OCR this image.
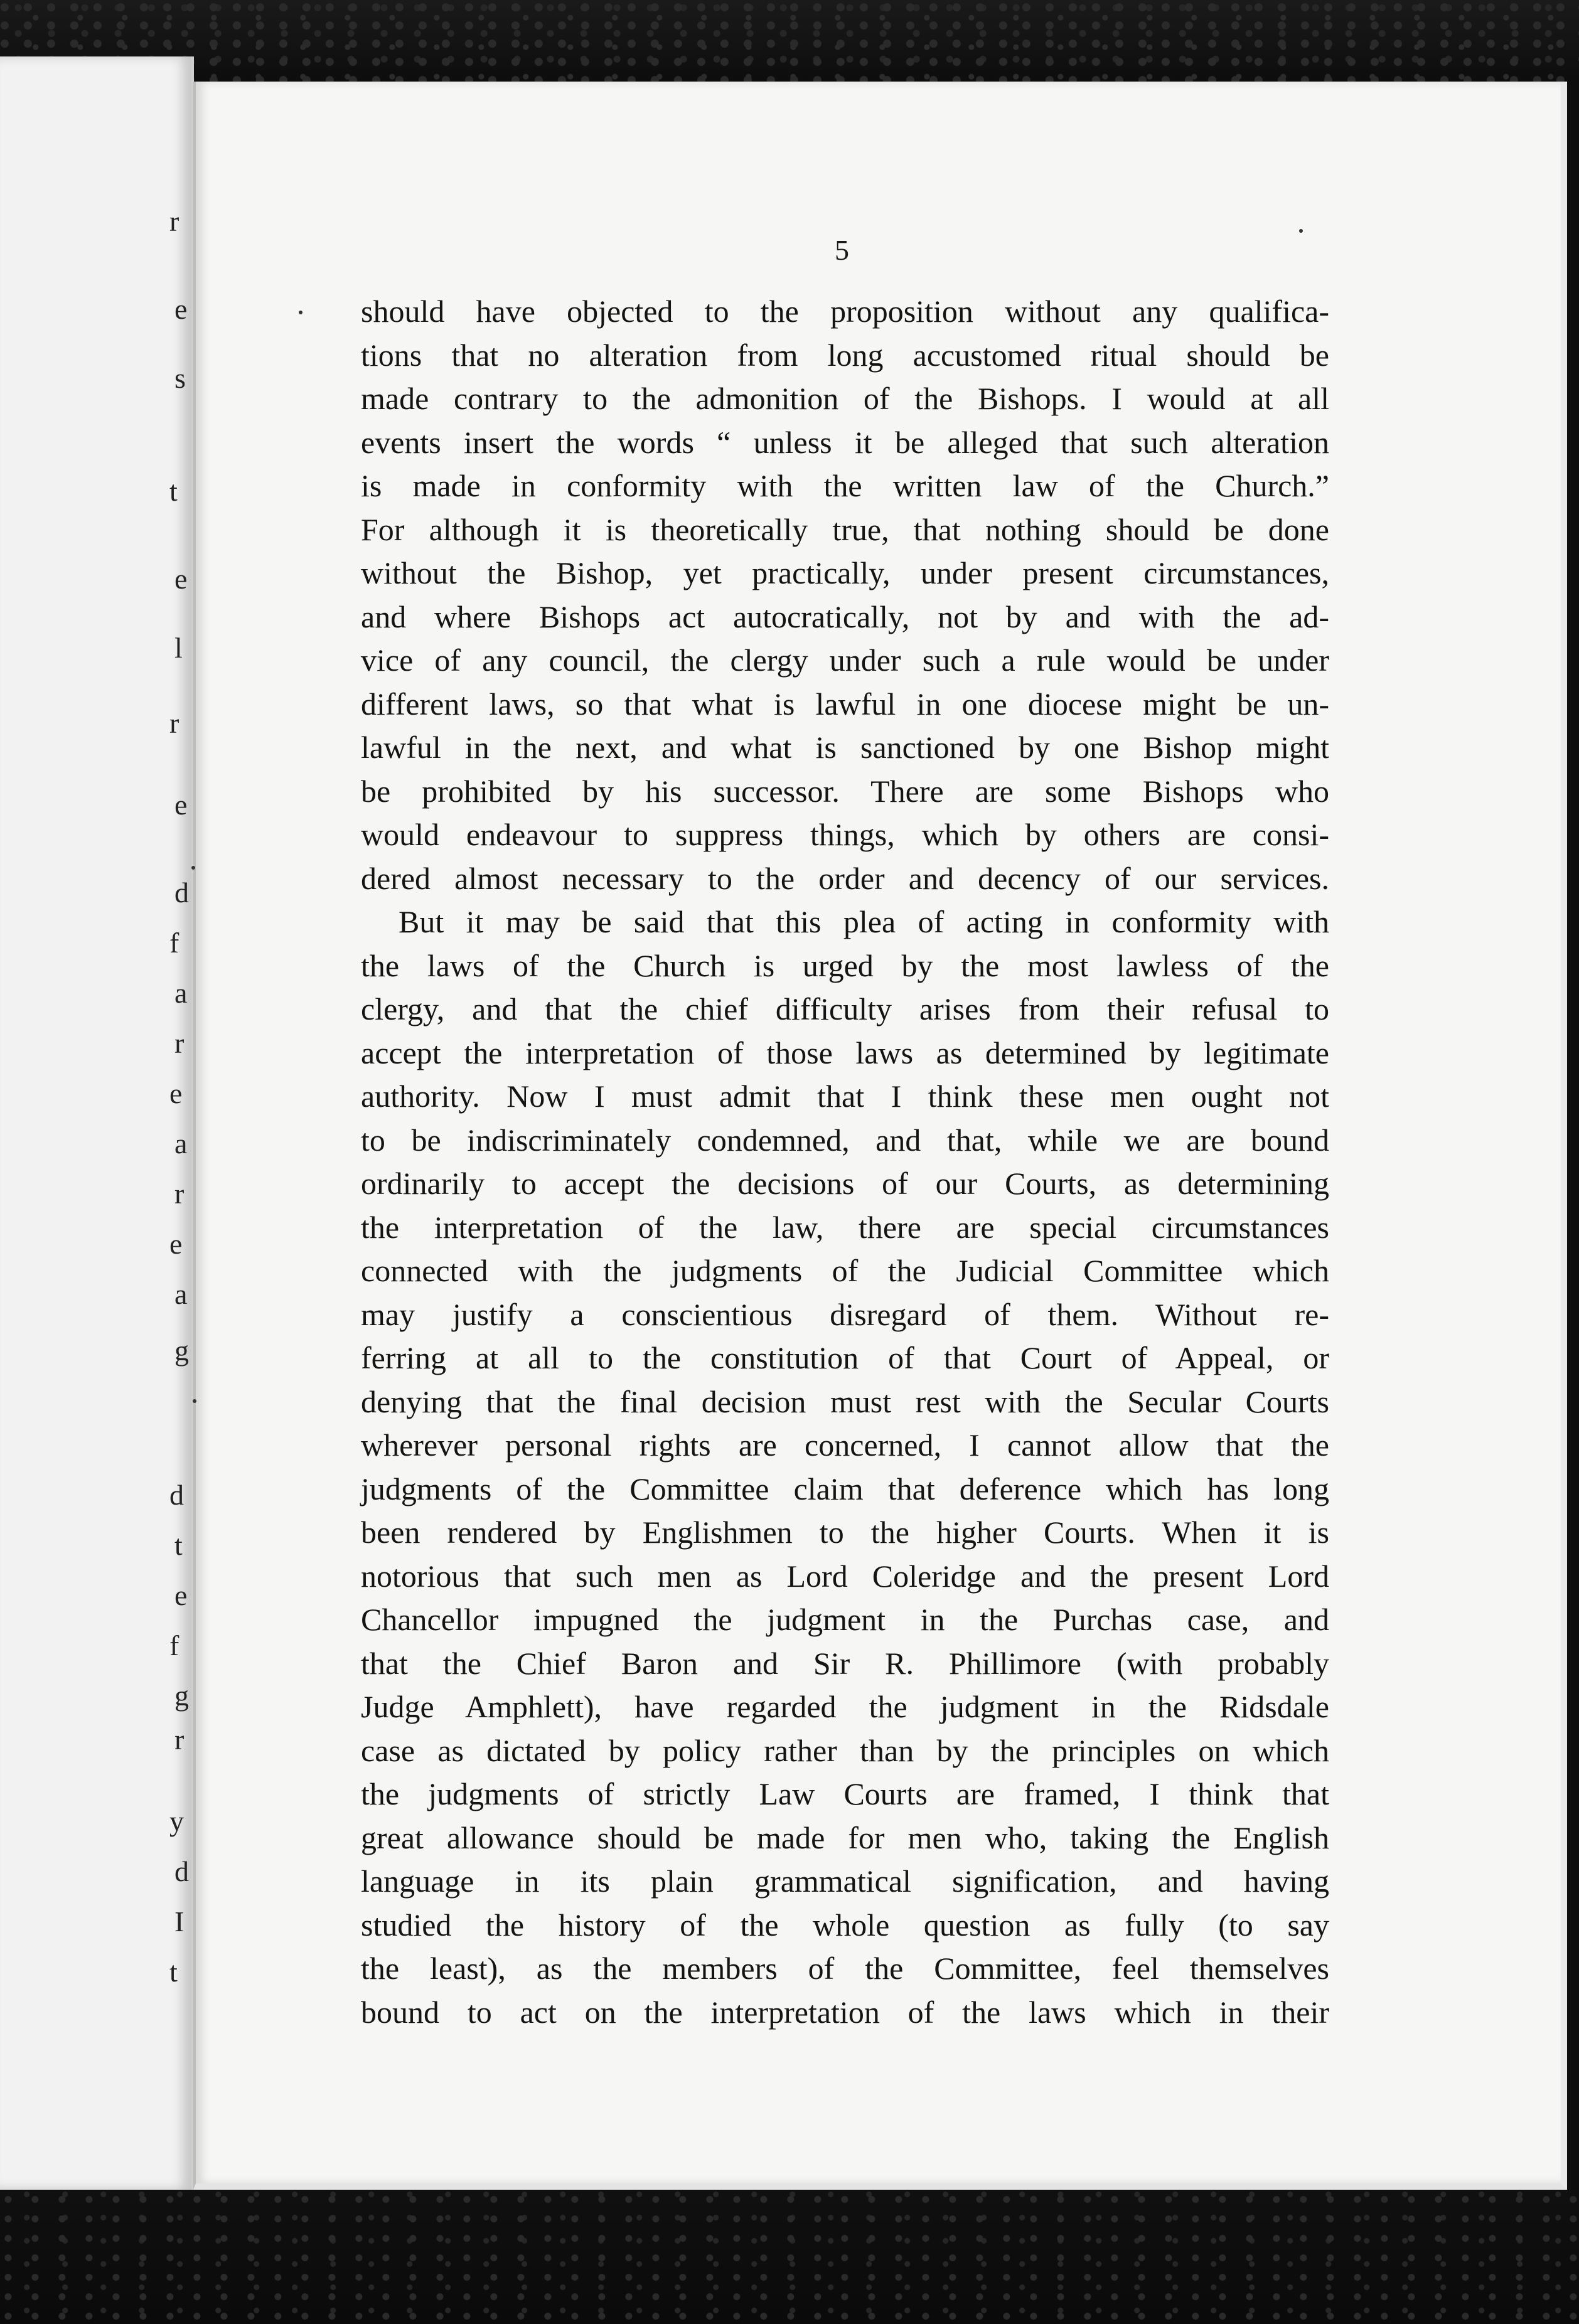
r
e
s
t
e
l
r
e
d
f
a
r
e
a
r
e
a
g
d
t
e
f
g
r
y
d
I
t
5
should have objected to the proposition without any qualifica-
tions that no alteration from long accustomed ritual should be
made contrary to the admonition of the Bishops. I would at all
events insert the words “ unless it be alleged that such alteration
is made in conformity with the written law of the Church.”
For although it is theoretically true, that nothing should be done
without the Bishop, yet practically, under present circumstances,
and where Bishops act autocratically, not by and with the ad-
vice of any council, the clergy under such a rule would be under
different laws, so that what is lawful in one diocese might be un-
lawful in the next, and what is sanctioned by one Bishop might
be prohibited by his successor. There are some Bishops who
would endeavour to suppress things, which by others are consi-
dered almost necessary to the order and decency of our services.
But it may be said that this plea of acting in conformity with
the laws of the Church is urged by the most lawless of the
clergy, and that the chief difficulty arises from their refusal to
accept the interpretation of those laws as determined by legitimate
authority. Now I must admit that I think these men ought not
to be indiscriminately condemned, and that, while we are bound
ordinarily to accept the decisions of our Courts, as determining
the interpretation of the law, there are special circumstances
connected with the judgments of the Judicial Committee which
may justify a conscientious disregard of them. Without re-
ferring at all to the constitution of that Court of Appeal, or
denying that the final decision must rest with the Secular Courts
wherever personal rights are concerned, I cannot allow that the
judgments of the Committee claim that deference which has long
been rendered by Englishmen to the higher Courts. When it is
notorious that such men as Lord Coleridge and the present Lord
Chancellor impugned the judgment in the Purchas case, and
that the Chief Baron and Sir R. Phillimore (with probably
Judge Amphlett), have regarded the judgment in the Ridsdale
case as dictated by policy rather than by the principles on which
the judgments of strictly Law Courts are framed, I think that
great allowance should be made for men who, taking the English
language in its plain grammatical signification, and having
studied the history of the whole question as fully (to say
the least), as the members of the Committee, feel themselves
bound to act on the interpretation of the laws which in their
